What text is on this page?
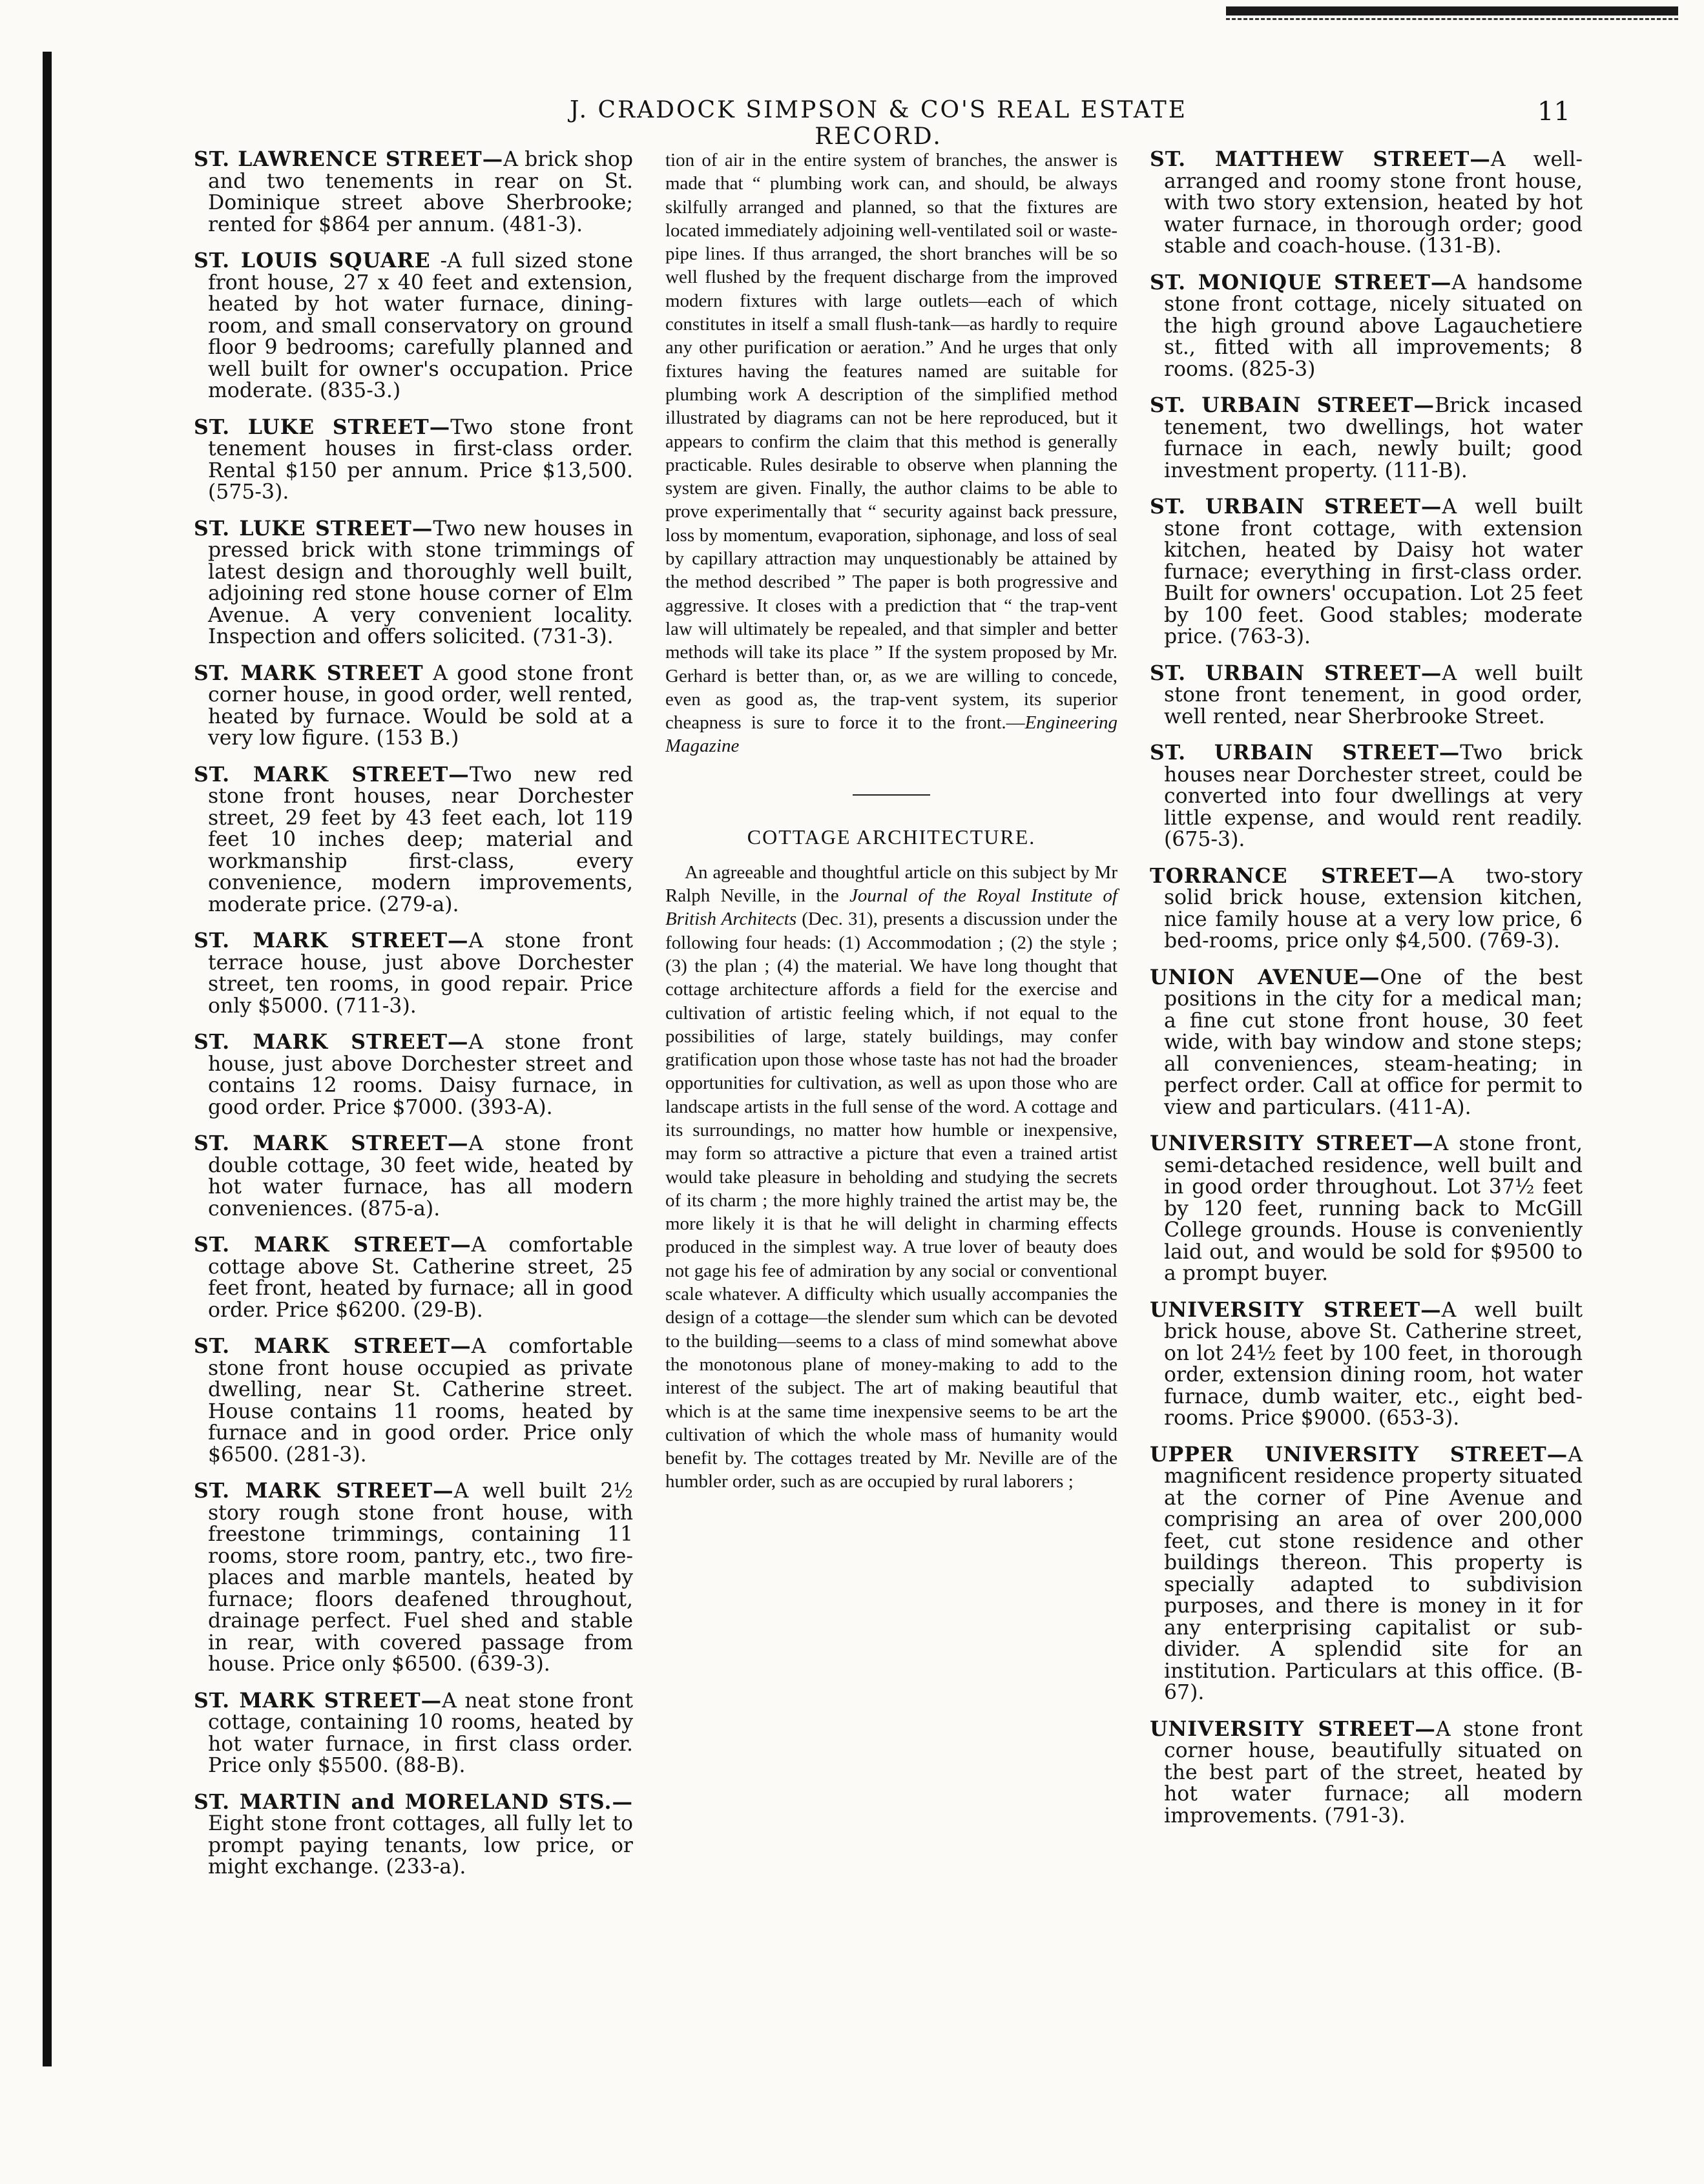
J. CRADOCK SIMPSON & CO'S REAL ESTATE RECORD.
11
ST. LAWRENCE STREET—A brick shop and two tenements in rear on St. Dominique street above Sherbrooke; rented for $864 per annum. (481-3).
ST. LOUIS SQUARE -A full sized stone front house, 27 x 40 feet and extension, heated by hot water furnace, dining-room, and small conservatory on ground floor 9 bedrooms; carefully planned and well built for owner's occupation. Price moderate. (835-3.)
ST. LUKE STREET—Two stone front tenement houses in first-class order. Rental $150 per annum. Price $13,500. (575-3).
ST. LUKE STREET—Two new houses in pressed brick with stone trimmings of latest design and thoroughly well built, adjoining red stone house corner of Elm Avenue. A very convenient locality. Inspection and offers solicited. (731-3).
ST. MARK STREET A good stone front corner house, in good order, well rented, heated by furnace. Would be sold at a very low figure. (153 B.)
ST. MARK STREET—Two new red stone front houses, near Dorchester street, 29 feet by 43 feet each, lot 119 feet 10 inches deep; material and workmanship first-class, every convenience, modern improvements, moderate price. (279-a).
ST. MARK STREET—A stone front terrace house, just above Dorchester street, ten rooms, in good repair. Price only $5000. (711-3).
ST. MARK STREET—A stone front house, just above Dorchester street and contains 12 rooms. Daisy furnace, in good order. Price $7000. (393-A).
ST. MARK STREET—A stone front double cottage, 30 feet wide, heated by hot water furnace, has all modern conveniences. (875-a).
ST. MARK STREET—A comfortable cottage above St. Catherine street, 25 feet front, heated by furnace; all in good order. Price $6200. (29-B).
ST. MARK STREET—A comfortable stone front house occupied as private dwelling, near St. Catherine street. House contains 11 rooms, heated by furnace and in good order. Price only $6500. (281-3).
ST. MARK STREET—A well built 2½ story rough stone front house, with freestone trimmings, containing 11 rooms, store room, pantry, etc., two fire-places and marble mantels, heated by furnace; floors deafened throughout, drainage perfect. Fuel shed and stable in rear, with covered passage from house. Price only $6500. (639-3).
ST. MARK STREET—A neat stone front cottage, containing 10 rooms, heated by hot water furnace, in first class order. Price only $5500. (88-B).
ST. MARTIN and MORELAND STS.—Eight stone front cottages, all fully let to prompt paying tenants, low price, or might exchange. (233-a).

tion of air in the entire system of branches, the answer is made that “ plumbing work can, and should, be always skilfully arranged and planned, so that the fixtures are located immediately adjoining well-ventilated soil or waste-pipe lines. If thus arranged, the short branches will be so well flushed by the frequent discharge from the improved modern fixtures with large outlets—each of which constitutes in itself a small flush-tank—as hardly to require any other purification or aeration.” And he urges that only fixtures having the features named are suitable for plumbing work A description of the simplified method illustrated by diagrams can not be here reproduced, but it appears to confirm the claim that this method is generally practicable. Rules desirable to observe when planning the system are given. Finally, the author claims to be able to prove experimentally that “ security against back pressure, loss by momentum, evaporation, siphonage, and loss of seal by capillary attraction may unquestionably be attained by the method described ” The paper is both progressive and aggressive. It closes with a prediction that “ the trap-vent law will ultimately be repealed, and that simpler and better methods will take its place ” If the system proposed by Mr. Gerhard is better than, or, as we are willing to concede, even as good as, the trap-vent system, its superior cheapness is sure to force it to the front.—Engineering Magazine

COTTAGE ARCHITECTURE.

An agreeable and thoughtful article on this subject by Mr Ralph Neville, in the Journal of the Royal Institute of British Architects (Dec. 31), presents a discussion under the following four heads: (1) Accommodation ; (2) the style ; (3) the plan ; (4) the material. We have long thought that cottage architecture affords a field for the exercise and cultivation of artistic feeling which, if not equal to the possibilities of large, stately buildings, may confer gratification upon those whose taste has not had the broader opportunities for cultivation, as well as upon those who are landscape artists in the full sense of the word. A cottage and its surroundings, no matter how humble or inexpensive, may form so attractive a picture that even a trained artist would take pleasure in beholding and studying the secrets of its charm ; the more highly trained the artist may be, the more likely it is that he will delight in charming effects produced in the simplest way. A true lover of beauty does not gage his fee of admiration by any social or conventional scale whatever. A difficulty which usually accompanies the design of a cottage—the slender sum which can be devoted to the building—seems to a class of mind somewhat above the monotonous plane of money-making to add to the interest of the subject. The art of making beautiful that which is at the same time inexpensive seems to be art the cultivation of which the whole mass of humanity would benefit by. The cottages treated by Mr. Neville are of the humbler order, such as are occupied by rural laborers ;

ST. MATTHEW STREET—A well-arranged and roomy stone front house, with two story extension, heated by hot water furnace, in thorough order; good stable and coach-house. (131-B).
ST. MONIQUE STREET—A handsome stone front cottage, nicely situated on the high ground above Lagauchetiere st., fitted with all improvements; 8 rooms. (825-3)
ST. URBAIN STREET—Brick incased tenement, two dwellings, hot water furnace in each, newly built; good investment property. (111-B).
ST. URBAIN STREET—A well built stone front cottage, with extension kitchen, heated by Daisy hot water furnace; everything in first-class order. Built for owners' occupation. Lot 25 feet by 100 feet. Good stables; moderate price. (763-3).
ST. URBAIN STREET—A well built stone front tenement, in good order, well rented, near Sherbrooke Street.
ST. URBAIN STREET—Two brick houses near Dorchester street, could be converted into four dwellings at very little expense, and would rent readily. (675-3).
TORRANCE STREET—A two-story solid brick house, extension kitchen, nice family house at a very low price, 6 bed-rooms, price only $4,500. (769-3).
UNION AVENUE—One of the best positions in the city for a medical man; a fine cut stone front house, 30 feet wide, with bay window and stone steps; all conveniences, steam-heating; in perfect order. Call at office for permit to view and particulars. (411-A).
UNIVERSITY STREET—A stone front, semi-detached residence, well built and in good order throughout. Lot 37½ feet by 120 feet, running back to McGill College grounds. House is conveniently laid out, and would be sold for $9500 to a prompt buyer.
UNIVERSITY STREET—A well built brick house, above St. Catherine street, on lot 24½ feet by 100 feet, in thorough order, extension dining room, hot water furnace, dumb waiter, etc., eight bed-rooms. Price $9000. (653-3).
UPPER UNIVERSITY STREET—A magnificent residence property situated at the corner of Pine Avenue and comprising an area of over 200,000 feet, cut stone residence and other buildings thereon. This property is specially adapted to subdivision purposes, and there is money in it for any enterprising capitalist or sub-divider. A splendid site for an institution. Particulars at this office. (B-67).
UNIVERSITY STREET—A stone front corner house, beautifully situated on the best part of the street, heated by hot water furnace; all modern improvements. (791-3).
